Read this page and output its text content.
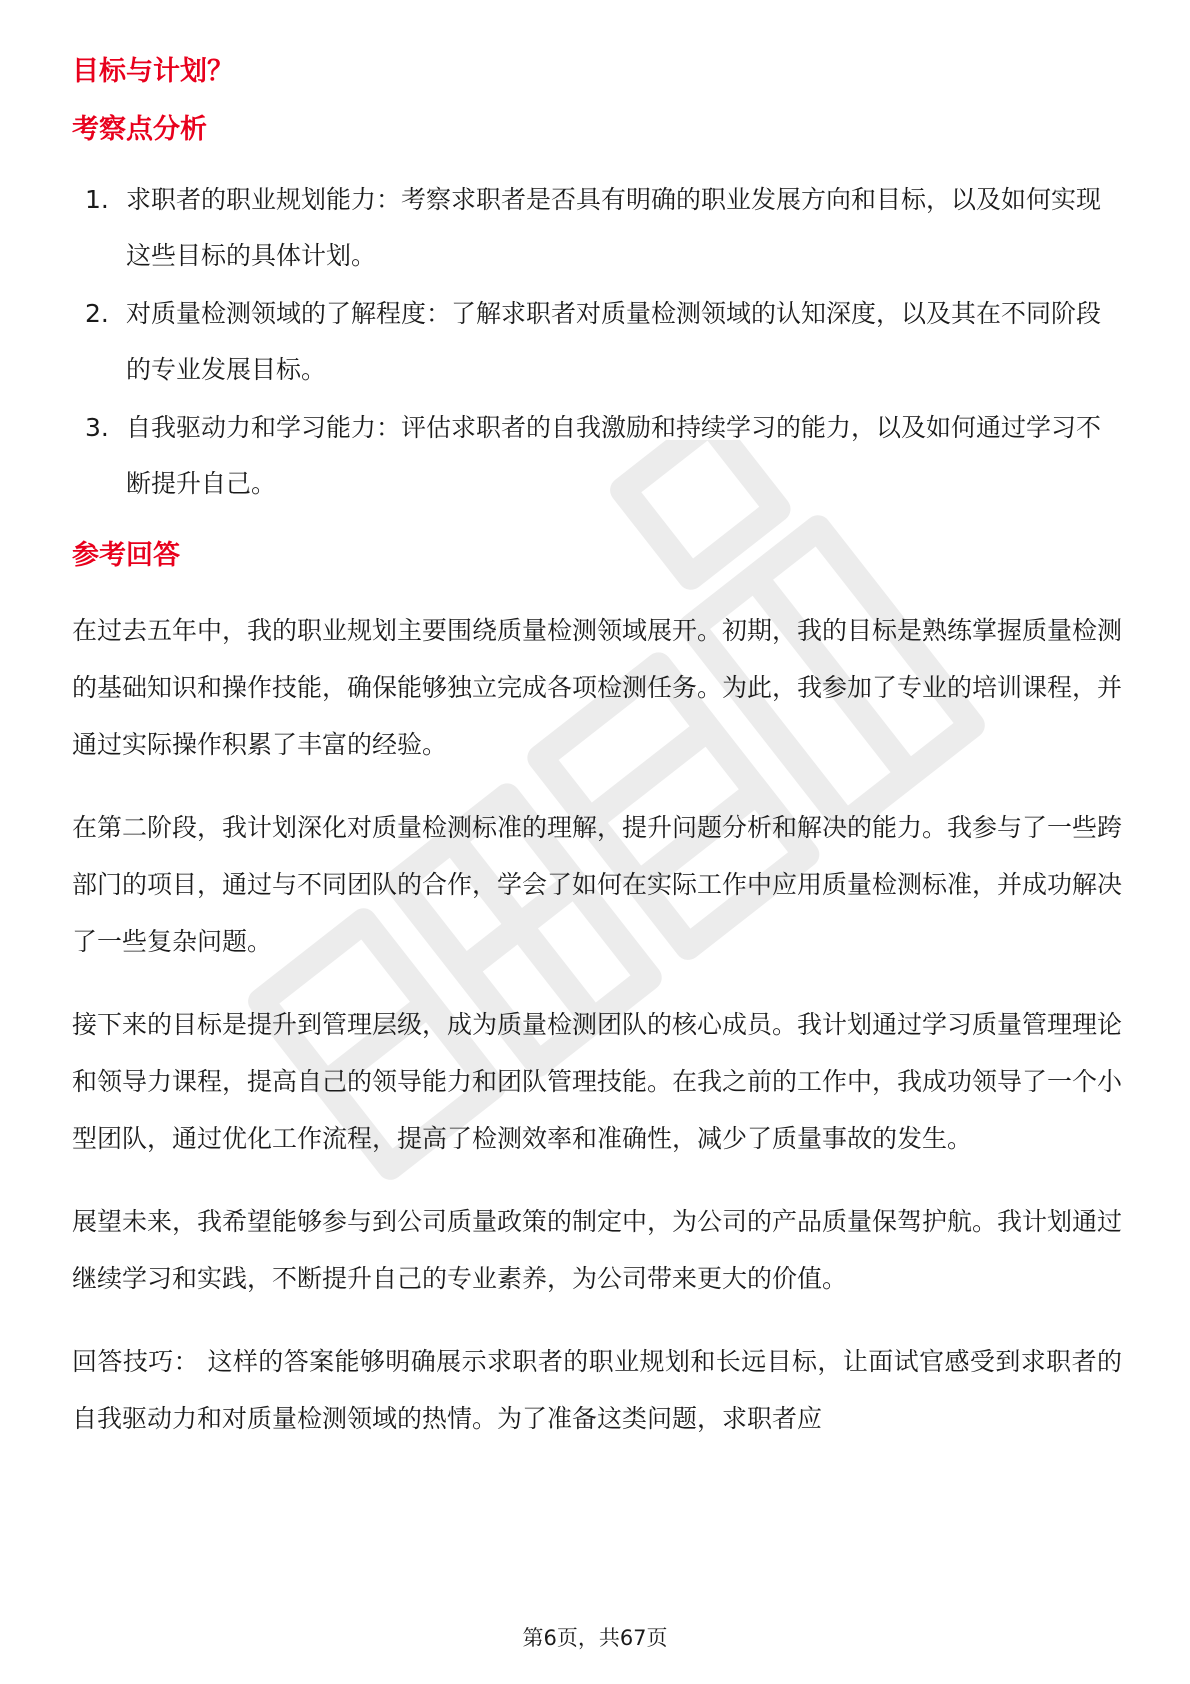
目标与计划？
考察点分析
1. 求职者的职业规划能力：考察求职者是否具有明确的职业发展方向和目标，以及如何实现这些目标的具体计划。
2. 对质量检测领域的了解程度：了解求职者对质量检测领域的认知深度，以及其在不同阶段的专业发展目标。
3. 自我驱动力和学习能力：评估求职者的自我激励和持续学习的能力，以及如何通过学习不断提升自己。
参考回答

在过去五年中，我的职业规划主要围绕质量检测领域展开。初期，我的目标是熟练掌握质量检测的基础知识和操作技能，确保能够独立完成各项检测任务。为此，我参加了专业的培训课程，并通过实际操作积累了丰富的经验。

在第二阶段，我计划深化对质量检测标准的理解，提升问题分析和解决的能力。我参与了一些跨部门的项目，通过与不同团队的合作，学会了如何在实际工作中应用质量检测标准，并成功解决了一些复杂问题。

接下来的目标是提升到管理层级，成为质量检测团队的核心成员。我计划通过学习质量管理理论和领导力课程，提高自己的领导能力和团队管理技能。在我之前的工作中，我成功领导了一个小型团队，通过优化工作流程，提高了检测效率和准确性，减少了质量事故的发生。

展望未来，我希望能够参与到公司质量政策的制定中，为公司的产品质量保驾护航。我计划通过继续学习和实践，不断提升自己的专业素养，为公司带来更大的价值。

回答技巧： 这样的答案能够明确展示求职者的职业规划和长远目标，让面试官感受到求职者的自我驱动力和对质量检测领域的热情。为了准备这类问题，求职者应

第6页，共67页
